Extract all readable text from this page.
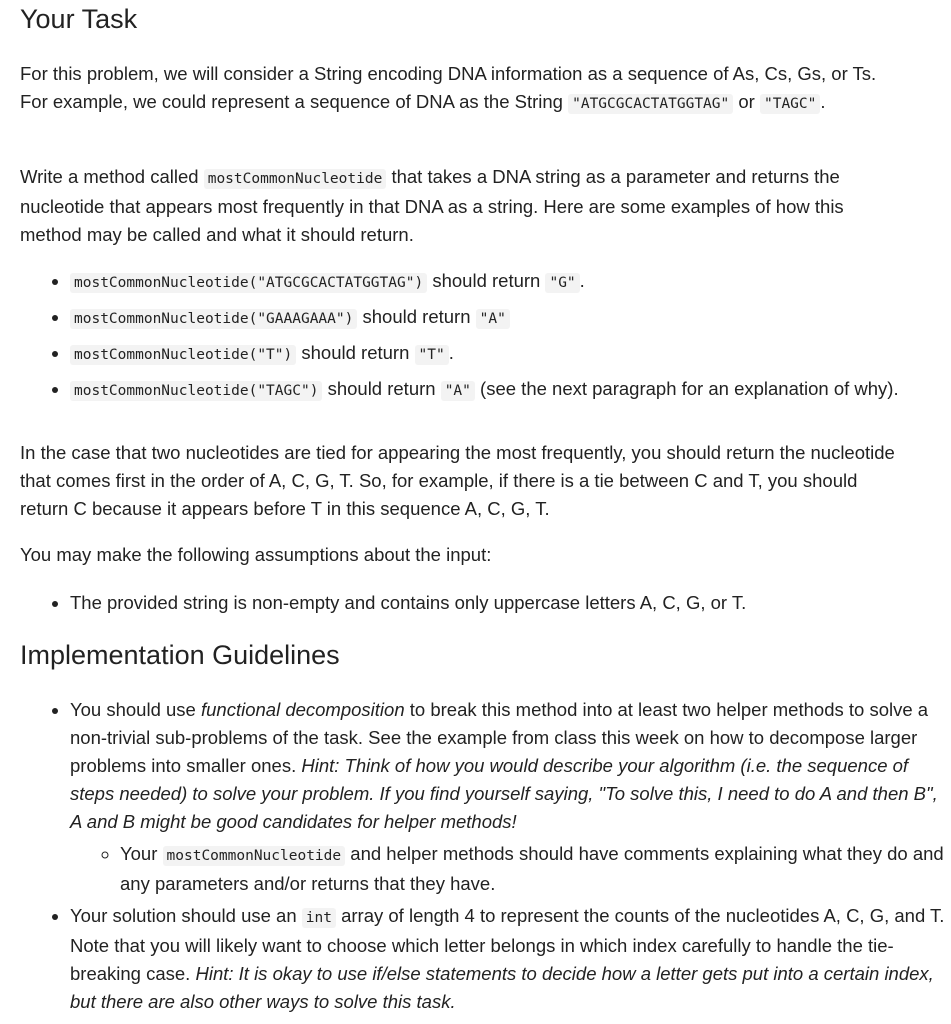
Your Task

For this problem, we will consider a String encoding DNA information as a sequence of As, Cs, Gs, or Ts. For example, we could represent a sequence of DNA as the String "ATGCGCACTATGGTAG" or "TAGC" .

Write a method called mostCommonNucleotide that takes a DNA string as a parameter and returns the nucleotide that appears most frequently in that DNA as a string. Here are some examples of how this method may be called and what it should return.

• mostCommonNucleotide("ATGCGCACTATGGTAG") should return "G" .
• mostCommonNucleotide("GAAAGAAA") should return "A"
• mostCommonNucleotide("T") should return "T" .
• mostCommonNucleotide("TAGC") should return "A" (see the next paragraph for an explanation of why).

In the case that two nucleotides are tied for appearing the most frequently, you should return the nucleotide that comes first in the order of A, C, G, T. So, for example, if there is a tie between C and T, you should return C because it appears before T in this sequence A, C, G, T.

You may make the following assumptions about the input:

• The provided string is non-empty and contains only uppercase letters A, C, G, or T.
Implementation Guidelines
• You should use functional decomposition to break this method into at least two helper methods to solve a non-trivial sub-problems of the task. See the example from class this week on how to decompose larger problems into smaller ones. Hint: Think of how you would describe your algorithm (i.e. the sequence of steps needed) to solve your problem. If you find yourself saying, "To solve this, I need to do A and then B", A and B might be good candidates for helper methods!
◦ Your mostCommonNucleotide and helper methods should have comments explaining what they do and any parameters and/or returns that they have.
• Your solution should use an int array of length 4 to represent the counts of the nucleotides A, C, G, and T. Note that you will likely want to choose which letter belongs in which index carefully to handle the tie-breaking case. Hint: It is okay to use if/else statements to decide how a letter gets put into a certain index, but there are also other ways to solve this task.
